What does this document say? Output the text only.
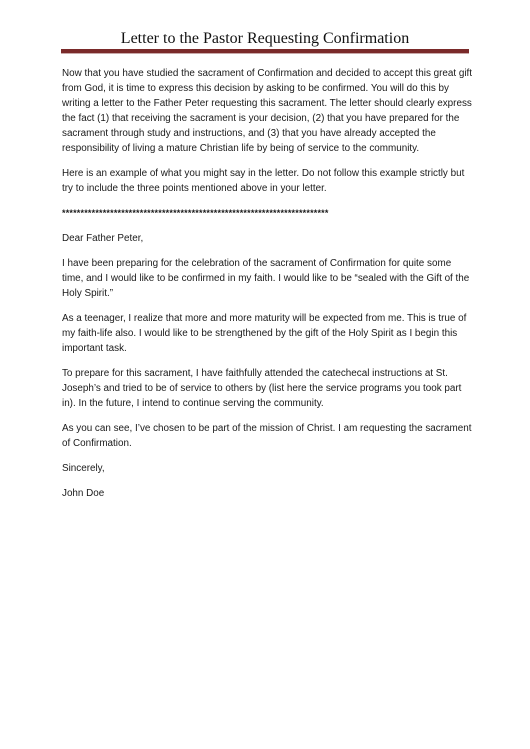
Letter to the Pastor Requesting Confirmation

Now that you have studied the sacrament of Confirmation and decided to accept this great gift from God, it is time to express this decision by asking to be confirmed. You will do this by writing a letter to the Father Peter requesting this sacrament. The letter should clearly express the fact (1) that receiving the sacrament is your decision, (2) that you have prepared for the sacrament through study and instructions, and (3) that you have already accepted the responsibility of living a mature Christian life by being of service to the community.

Here is an example of what you might say in the letter. Do not follow this example strictly but try to include the three points mentioned above in your letter.

************************************************************************

Dear Father Peter,

I have been preparing for the celebration of the sacrament of Confirmation for quite some time, and I would like to be confirmed in my faith. I would like to be “sealed with the Gift of the Holy Spirit.”

As a teenager, I realize that more and more maturity will be expected from me. This is true of my faith-life also. I would like to be strengthened by the gift of the Holy Spirit as I begin this important task.

To prepare for this sacrament, I have faithfully attended the catechecal instructions at St. Joseph’s and tried to be of service to others by (list here the service programs you took part in). In the future, I intend to continue serving the community.

As you can see, I’ve chosen to be part of the mission of Christ. I am requesting the sacrament of Confirmation.

Sincerely,

John Doe
